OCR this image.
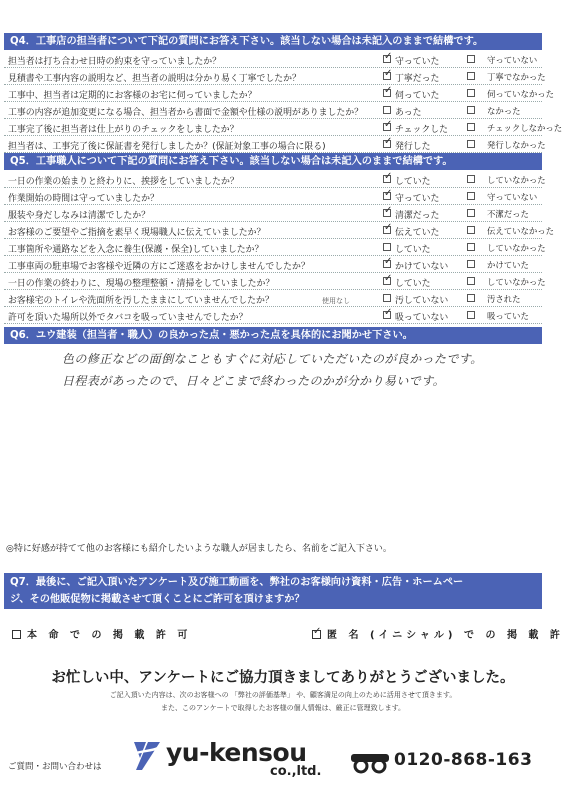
Q4．工事店の担当者について下記の質問にお答え下さい。該当しない場合は未記入のままで結構です。
担当者は打ち合わせ日時の約束を守っていましたか？ ✓	守っていた	守っていない
見積書や工事内容の説明など、担当者の説明は分かり易く丁寧でしたか？ ✓	丁寧だった	丁寧でなかった
工事中、担当者は定期的にお客様のお宅に伺っていましたか？ ✓	伺っていた	伺っていなかった
工事の内容が追加変更になる場合、担当者から書面で金額や仕様の説明がありましたか？	あった	なかった
工事完了後に担当者は仕上がりのチェックをしましたか？ ✓	チェックした	チェックしなかった
担当者は、工事完了後に保証書を発行しましたか？(保証対象工事の場合に限る) ✓	発行した	発行しなかった
Q5．工事職人について下記の質問にお答え下さい。該当しない場合は未記入のままで結構です。
一日の作業の始まりと終わりに、挨拶をしていましたか？ ✓	していた	していなかった
作業開始の時間は守っていましたか？ ✓	守っていた	守っていない
服装や身だしなみは清潔でしたか？ ✓	清潔だった	不潔だった
お客様のご要望やご指摘を素早く現場職人に伝えていましたか？ ✓	伝えていた	伝えていなかった
工事箇所や通路などを入念に養生(保護・保全)していましたか？	していた	していなかった
工事車両の駐車場でお客様や近隣の方にご迷惑をおかけしませんでしたか？ ✓	かけていない	かけていた
一日の作業の終わりに、現場の整理整頓・清掃をしていましたか？ ✓	していた	していなかった
お客様宅のトイレや洗面所を汚したままにしていませんでしたか？	汚していない	汚された
許可を頂いた場所以外でタバコを吸っていませんでしたか？ ✓	吸っていない	吸っていた
使用なし
Q6．ユウ建装（担当者・職人）の良かった点・悪かった点を具体的にお聞かせ下さい。
色の修正などの面倒なこともすぐに対応していただいたのが良かったです。
日程表があったので、日々どこまで終わったのかが分かり易いです。
◎特に好感が持てて他のお客様にも紹介したいような職人が居ましたら、名前をご記入下さい。
Q7．最後に、ご記入頂いたアンケート及び施工動画を、弊社のお客様向け資料・広告・ホームペー
ジ、その他販促物に掲載させて頂くことにご許可を頂けますか？
本 命 で の 掲 載 許 可 ✓	匿 名 (イニシャル) で の 掲 載 許
お忙しい中、アンケートにご協力頂きましてありがとうございました。
ご記入頂いた内容は、次のお客様への 「弊社の評価基準」 や、顧客満足の向上のために活用させて頂きます。
また、このアンケートで取得したお客様の個人情報は、厳正に管理致します。
ご質問・お問い合わせは	yu-kensou
co.,ltd.
0120-868-163
